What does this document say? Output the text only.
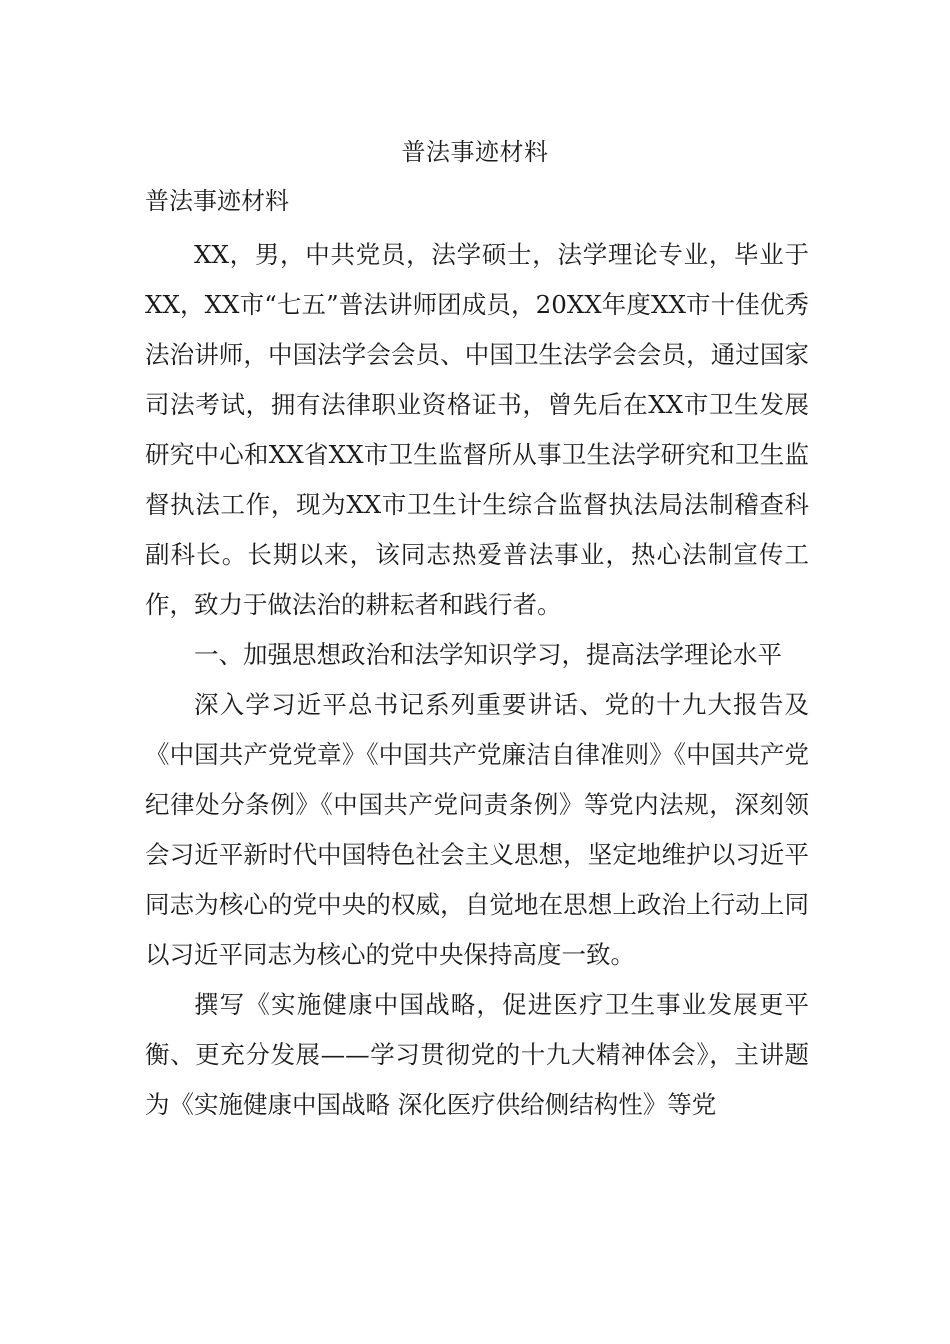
普法事迹材料
普法事迹材料

XX，男，中共党员，法学硕士，法学理论专业，毕业于XX，XX市“七五”普法讲师团成员，20XX年度XX市十佳优秀法治讲师，中国法学会会员、中国卫生法学会会员，通过国家司法考试，拥有法律职业资格证书，曾先后在XX市卫生发展研究中心和XX省XX市卫生监督所从事卫生法学研究和卫生监督执法工作，现为XX市卫生计生综合监督执法局法制稽查科副科长。长期以来，该同志热爱普法事业，热心法制宣传工作，致力于做法治的耕耘者和践行者。

一、加强思想政治和法学知识学习，提高法学理论水平

深入学习近平总书记系列重要讲话、党的十九大报告及《中国共产党党章》《中国共产党廉洁自律准则》《中国共产党纪律处分条例》《中国共产党问责条例》等党内法规，深刻领会习近平新时代中国特色社会主义思想，坚定地维护以习近平同志为核心的党中央的权威，自觉地在思想上政治上行动上同以习近平同志为核心的党中央保持高度一致。

撰写《实施健康中国战略，促进医疗卫生事业发展更平衡、更充分发展——学习贯彻党的十九大精神体会》，主讲题为《实施健康中国战略 深化医疗供给侧结构性》等党
